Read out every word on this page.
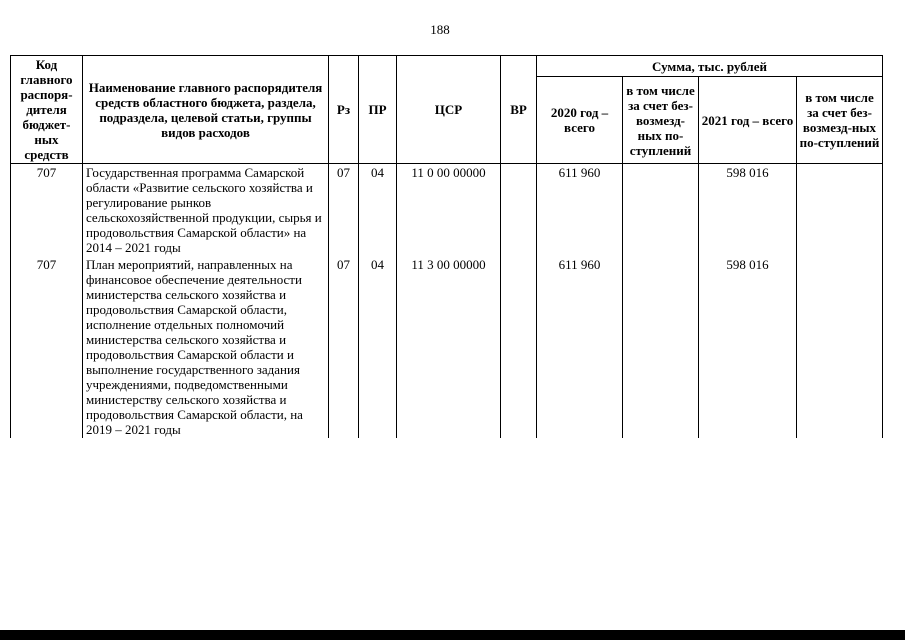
188
Код главного распоря-дителя бюджет-ных средств	Наименование главного распорядителя средств областного бюджета, раздела, подраздела, целевой статьи, группы видов расходов	Рз	ПР	ЦСР	ВР	Сумма, тыс. рублей			
						2020 год – всего	в том числе за счет без-возмезд-ных по-ступлений	2021 год – всего	в том числе за счет без-возмезд-ных по-ступлений
707	Государственная программа Самарской области «Развитие сельского хозяйства и регулирование рынков сельскохозяйственной продукции, сырья и продовольствия Самарской области» на 2014 – 2021 годы	07	04	11 0 00 00000		611 960		598 016	
707	План мероприятий, направленных на финансовое обеспечение деятельности министерства сельского хозяйства и продовольствия Самарской области, исполнение отдельных полномочий министерства сельского хозяйства и продовольствия Самарской области и выполнение государственного задания учреждениями, подведомственными министерству сельского хозяйства и продовольствия Самарской области, на 2019 – 2021 годы	07	04	11 3 00 00000		611 960		598 016	
